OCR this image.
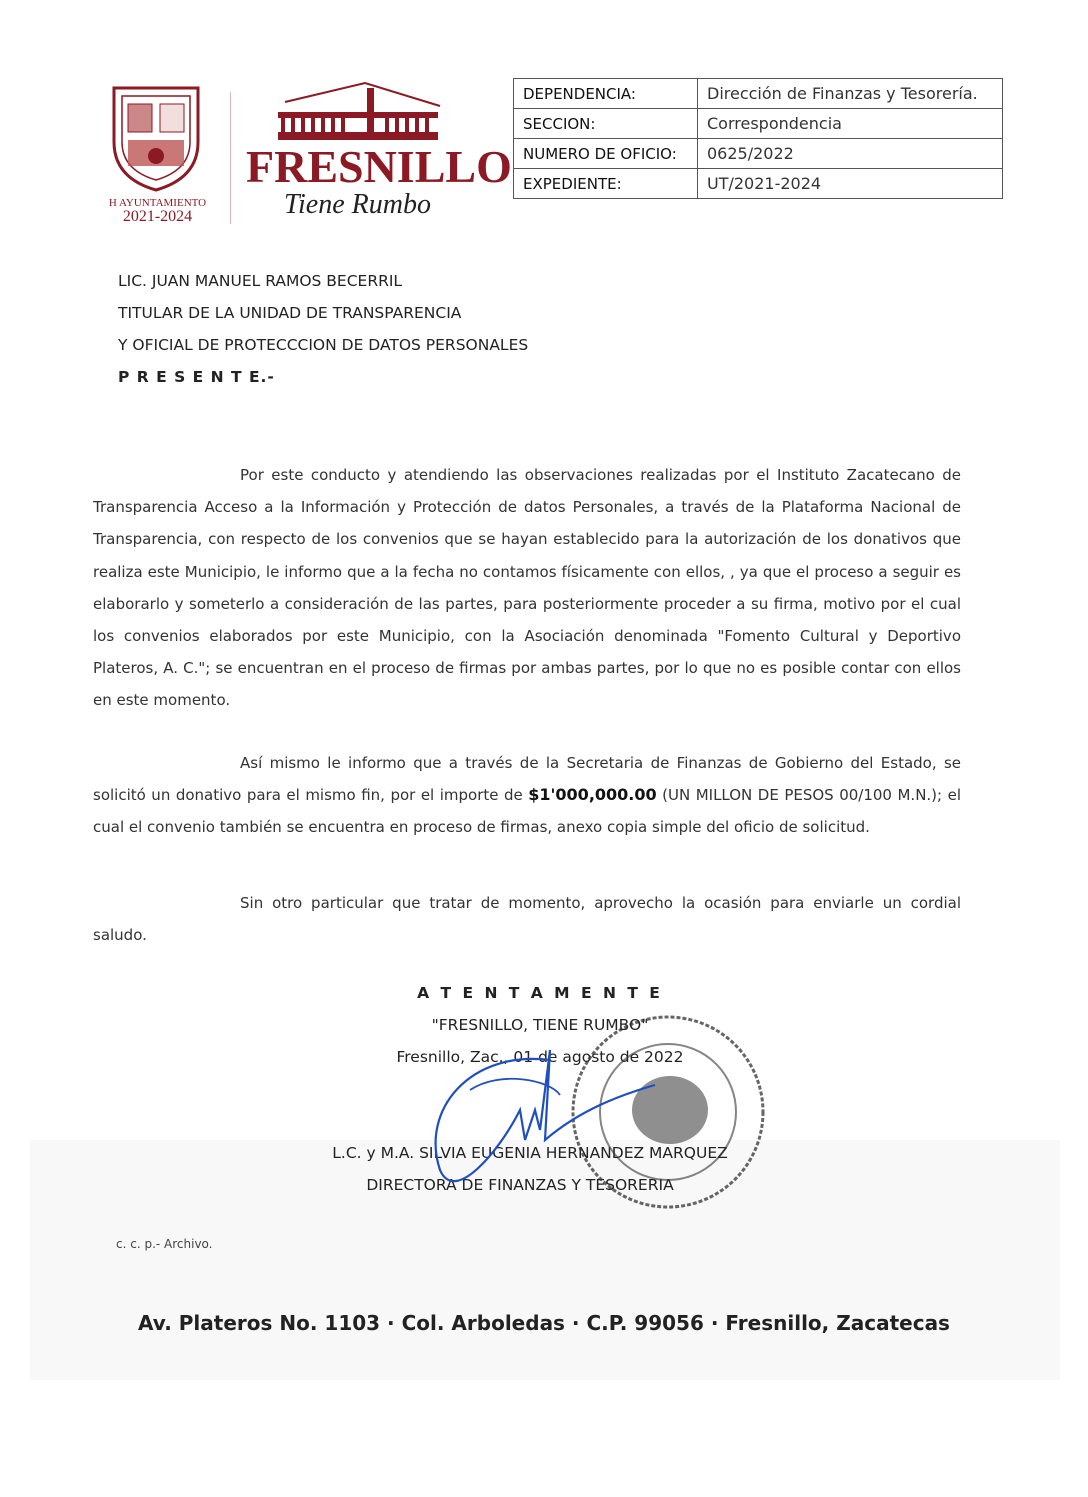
H AYUNTAMIENTO
2021-2024
FRESNILLO
Tiene Rumbo
DEPENDENCIA:	Dirección de Finanzas y Tesorería.
SECCION:	Correspondencia
NUMERO DE OFICIO:	0625/2022
EXPEDIENTE:	UT/2021-2024
LIC. JUAN MANUEL RAMOS BECERRIL
TITULAR DE LA UNIDAD DE TRANSPARENCIA
Y OFICIAL DE PROTECCCION DE DATOS PERSONALES
P R E S E N T E.-

Por este conducto y atendiendo las observaciones realizadas por el Instituto Zacatecano de Transparencia Acceso a la Información y Protección de datos Personales, a través de la Plataforma Nacional de Transparencia, con respecto de los convenios que se hayan establecido para la autorización de los donativos que realiza este Municipio, le informo que a la fecha no contamos físicamente con ellos, , ya que el proceso a seguir es elaborarlo y someterlo a consideración de las partes, para posteriormente proceder a su firma, motivo por el cual los convenios elaborados por este Municipio, con la Asociación denominada "Fomento Cultural y Deportivo Plateros, A. C."; se encuentran en el proceso de firmas por ambas partes, por lo que no es posible contar con ellos en este momento.

Así mismo le informo que a través de la Secretaria de Finanzas de Gobierno del Estado, se solicitó un donativo para el mismo fin, por el importe de $1'000,000.00 (UN MILLON DE PESOS 00/100 M.N.); el cual el convenio también se encuentra en proceso de firmas, anexo copia simple del oficio de solicitud.

Sin otro particular que tratar de momento, aprovecho la ocasión para enviarle un cordial saludo.

A T E N T A M E N T E
"FRESNILLO, TIENE RUMBO"
Fresnillo, Zac., 01 de agosto de 2022
L.C. y M.A. SILVIA EUGENIA HERNANDEZ MARQUEZ
DIRECTORA DE FINANZAS Y TESORERIA
c. c. p.- Archivo.
Av. Plateros No. 1103 · Col. Arboledas · C.P. 99056 · Fresnillo, Zacatecas
